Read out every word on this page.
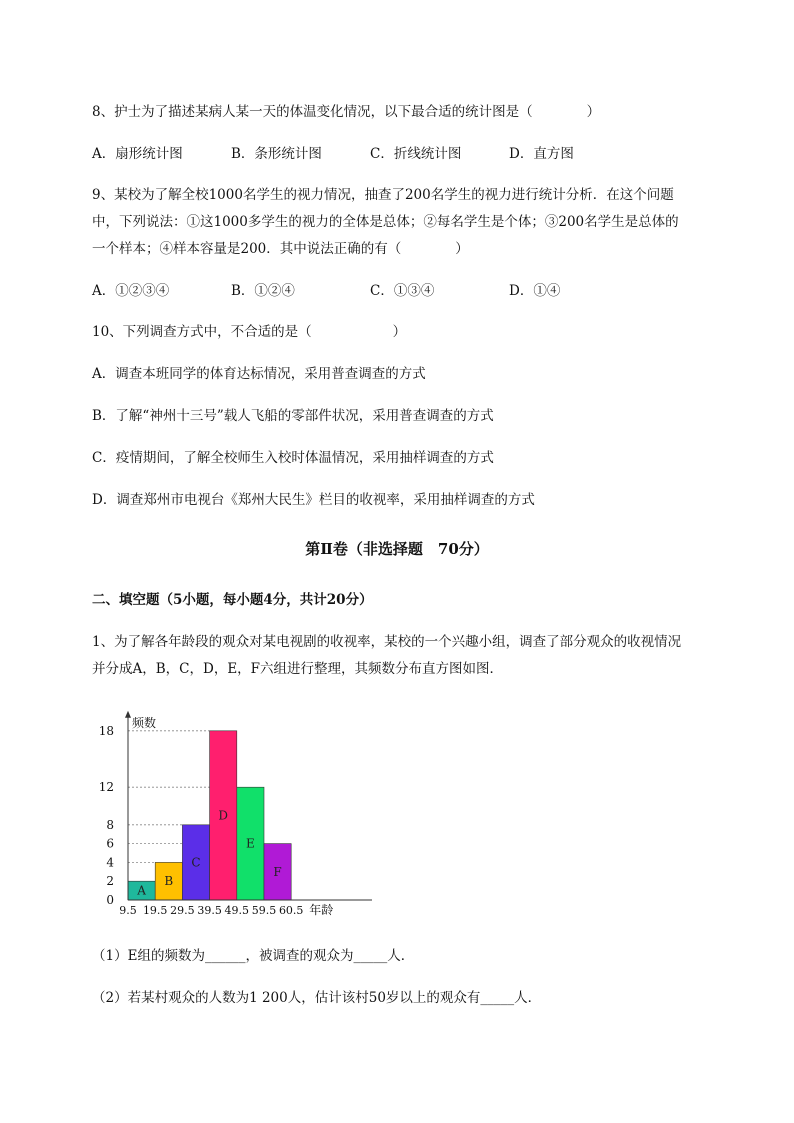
8、护士为了描述某病人某一天的体温变化情况，以下最合适的统计图是（　　　　）
A．扇形统计图	B．条形统计图	C．折线统计图	D．直方图
9、某校为了解全校1000名学生的视力情况，抽查了200名学生的视力进行统计分析．在这个问题
中，下列说法：①这1000多学生的视力的全体是总体；②每名学生是个体；③200名学生是总体的
一个样本；④样本容量是200．其中说法正确的有（　　　　）
A．①②③④	B．①②④	C．①③④	D．①④
10、下列调查方式中，不合适的是（　　　　　　）
A．调查本班同学的体育达标情况，采用普查调查的方式
B．了解“神州十三号”载人飞船的零部件状况，采用普查调查的方式
C．疫情期间，了解全校师生入校时体温情况，采用抽样调查的方式
D．调查郑州市电视台《郑州大民生》栏目的收视率，采用抽样调查的方式
第Ⅱ卷（非选择题　70分）
二、填空题（5小题，每小题4分，共计20分）
1、为了解各年龄段的观众对某电视剧的收视率，某校的一个兴趣小组，调查了部分观众的收视情况
并分成A，B，C，D，E，F六组进行整理，其频数分布直方图如图．
A
B
C
D
E
F
0
2
4
6
8
12
18
9.5 19.5 29.5 39.5 49.5 59.5 60.5 年龄
频数
（1）E组的频数为______，被调查的观众为_____人．
（2）若某村观众的人数为1 200人，估计该村50岁以上的观众有_____人．
